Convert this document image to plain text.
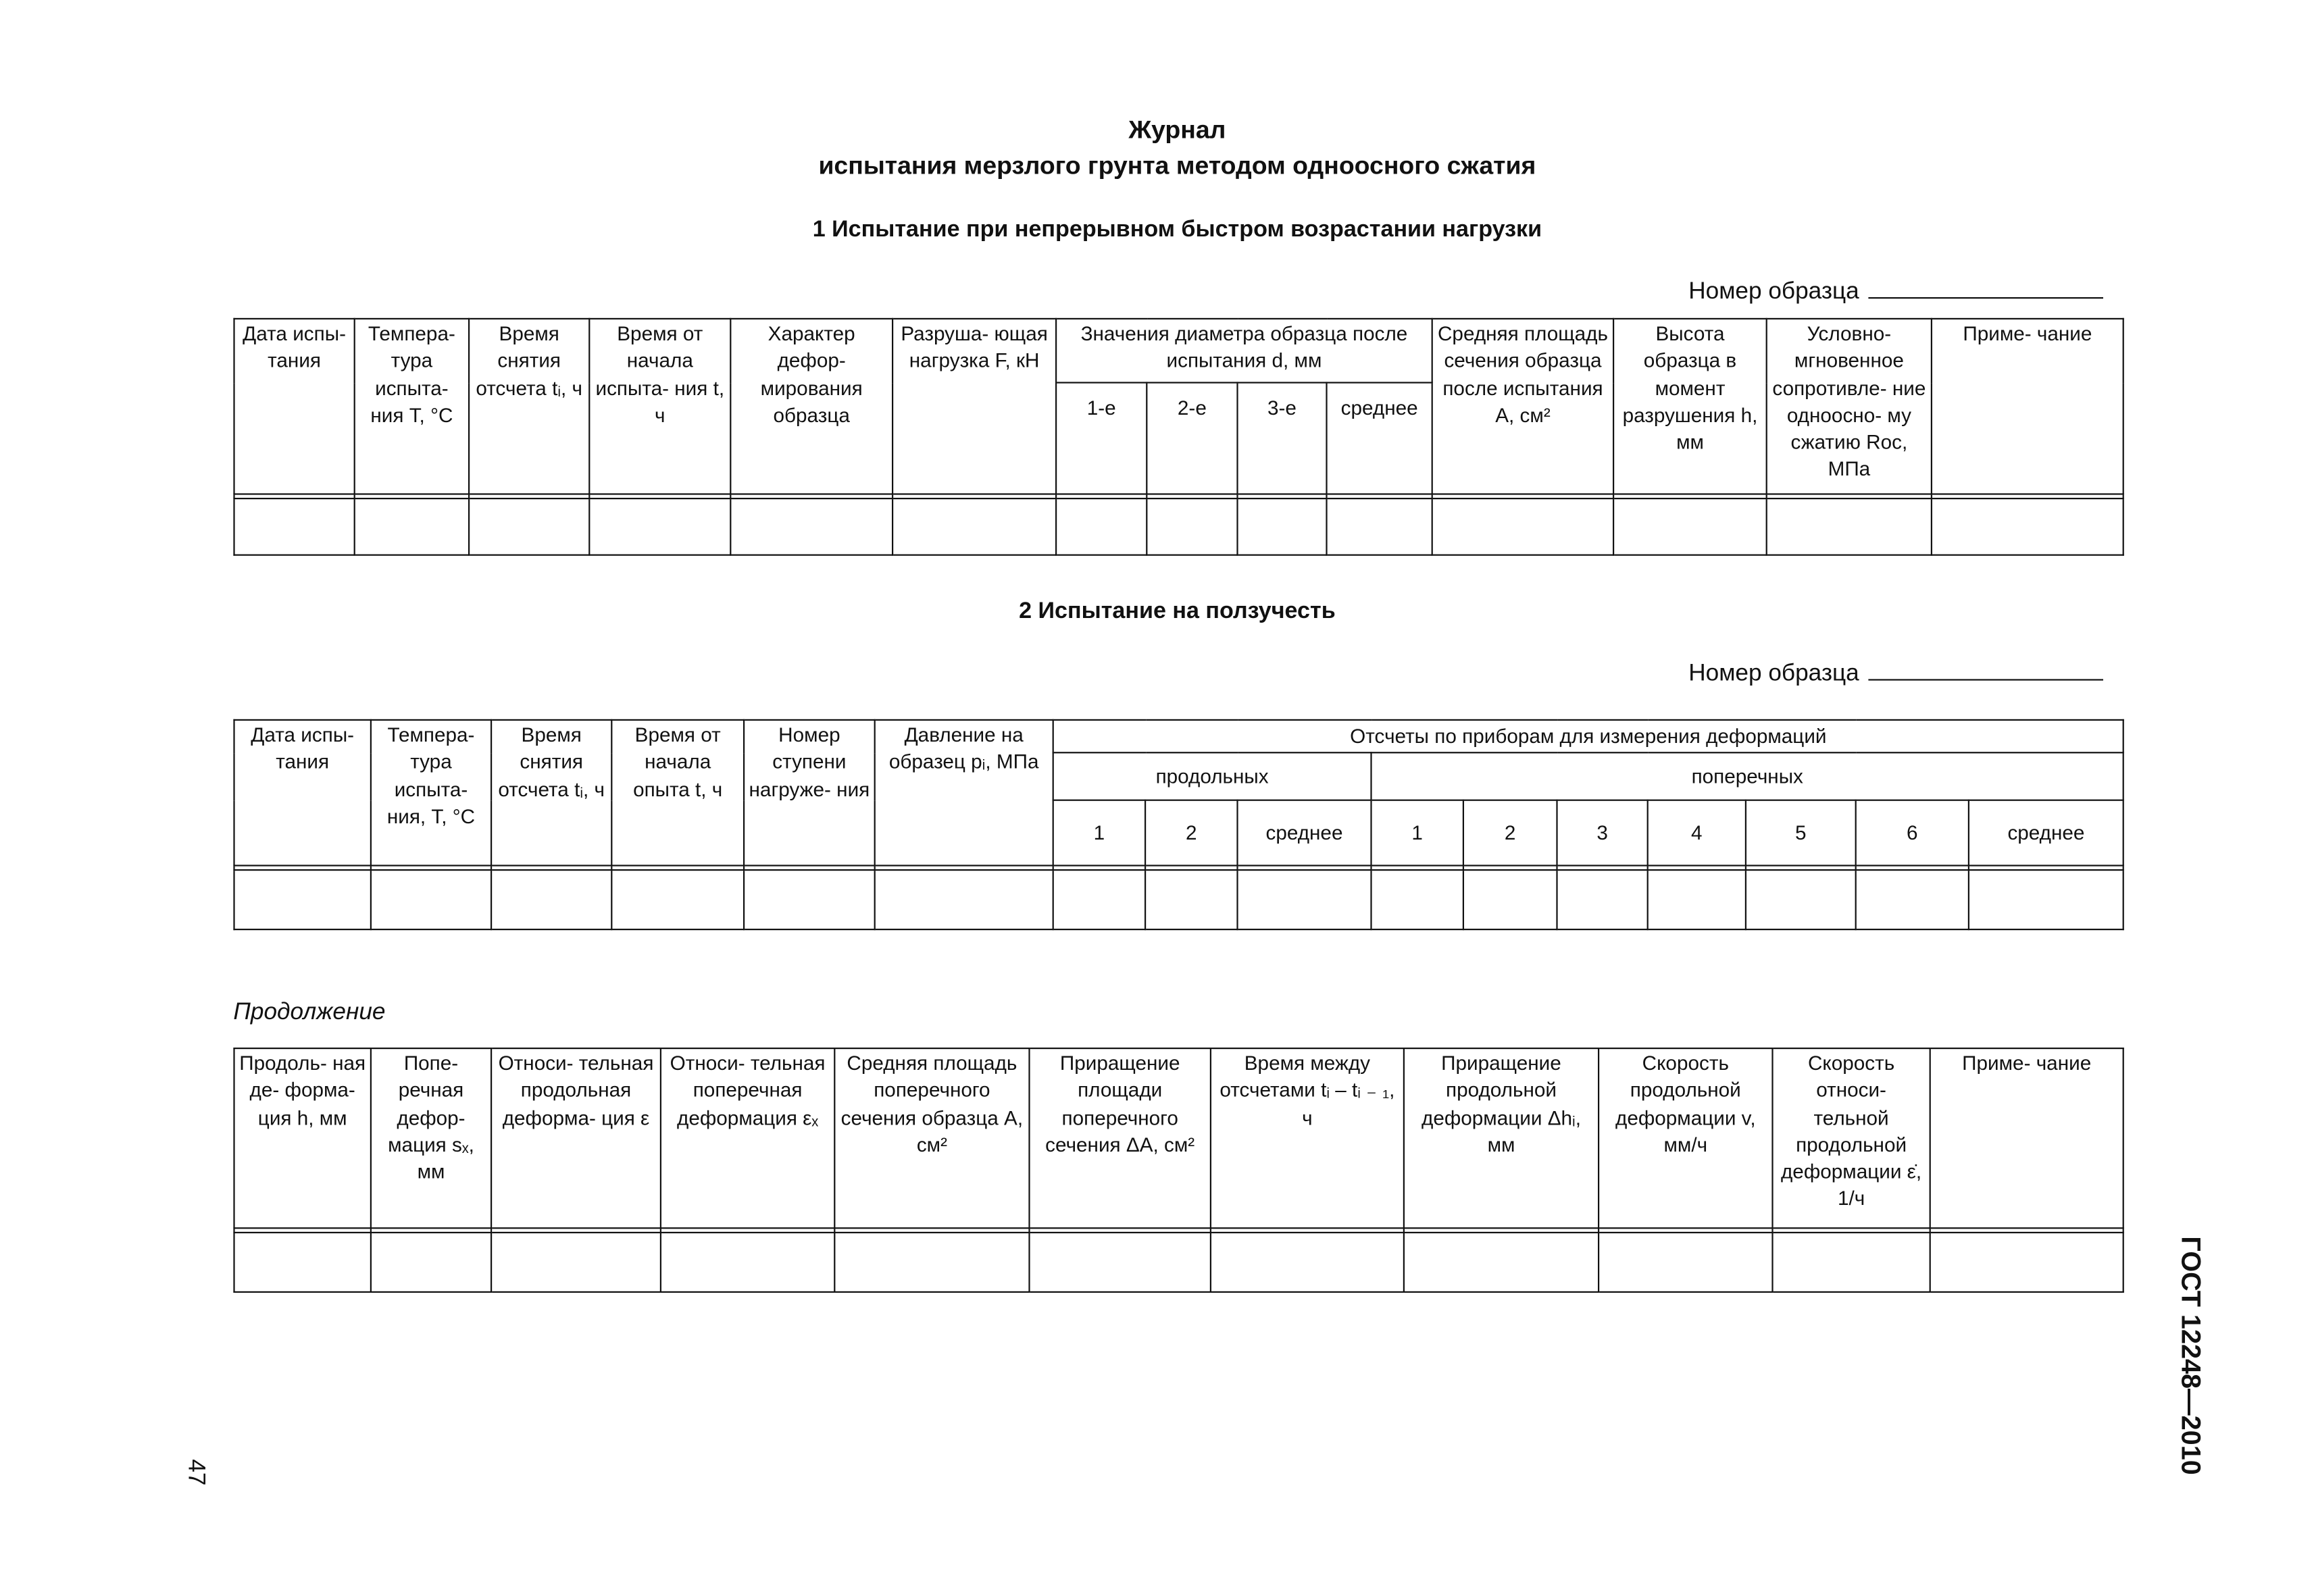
Журнал
испытания мерзлого грунта методом одноосного сжатия
1 Испытание при непрерывном быстром возрастании нагрузки
Номер образца
Дата испы- тания	Темпера- тура испыта- ния T, °С	Время снятия отсчета tᵢ, ч	Время от начала испыта- ния t, ч	Характер дефор- мирования образца	Разруша- ющая нагрузка F, кН	Значения диаметра образца после испытания d, мм				Средняя площадь сечения образца после испытания A, см²	Высота образца в момент разрушения h, мм	Условно- мгновенное сопротивле- ние одноосно- му сжатию Rос, МПа	Приме- чание
						1-е	2-е	3-е	среднее				

2 Испытание на ползучесть
Номер образца
Дата испы- тания	Темпера- тура испыта- ния, T, °С	Время снятия отсчета tᵢ, ч	Время от начала опыта t, ч	Номер ступени нагруже- ния	Давление на образец pᵢ, МПа	Отсчеты по приборам для измерения деформаций									
						продольных			поперечных						
						1	2	среднее	1	2	3	4	5	6	среднее

Продолжение
Продоль- ная де- форма- ция h, мм	Попе- речная дефор- мация sₓ, мм	Относи- тельная продольная деформа- ция ε	Относи- тельная поперечная деформация εₓ	Средняя площадь поперечного сечения образца A, см²	Приращение площади поперечного сечения ΔA, см²	Время между отсчетами tᵢ – tᵢ ₋ ₁, ч	Приращение продольной деформации Δhᵢ, мм	Скорость продольной деформации v, мм/ч	Скорость относи- тельной продольной деформации ε̇, 1/ч	Приме- чание

ГОСТ 12248—2010
47
